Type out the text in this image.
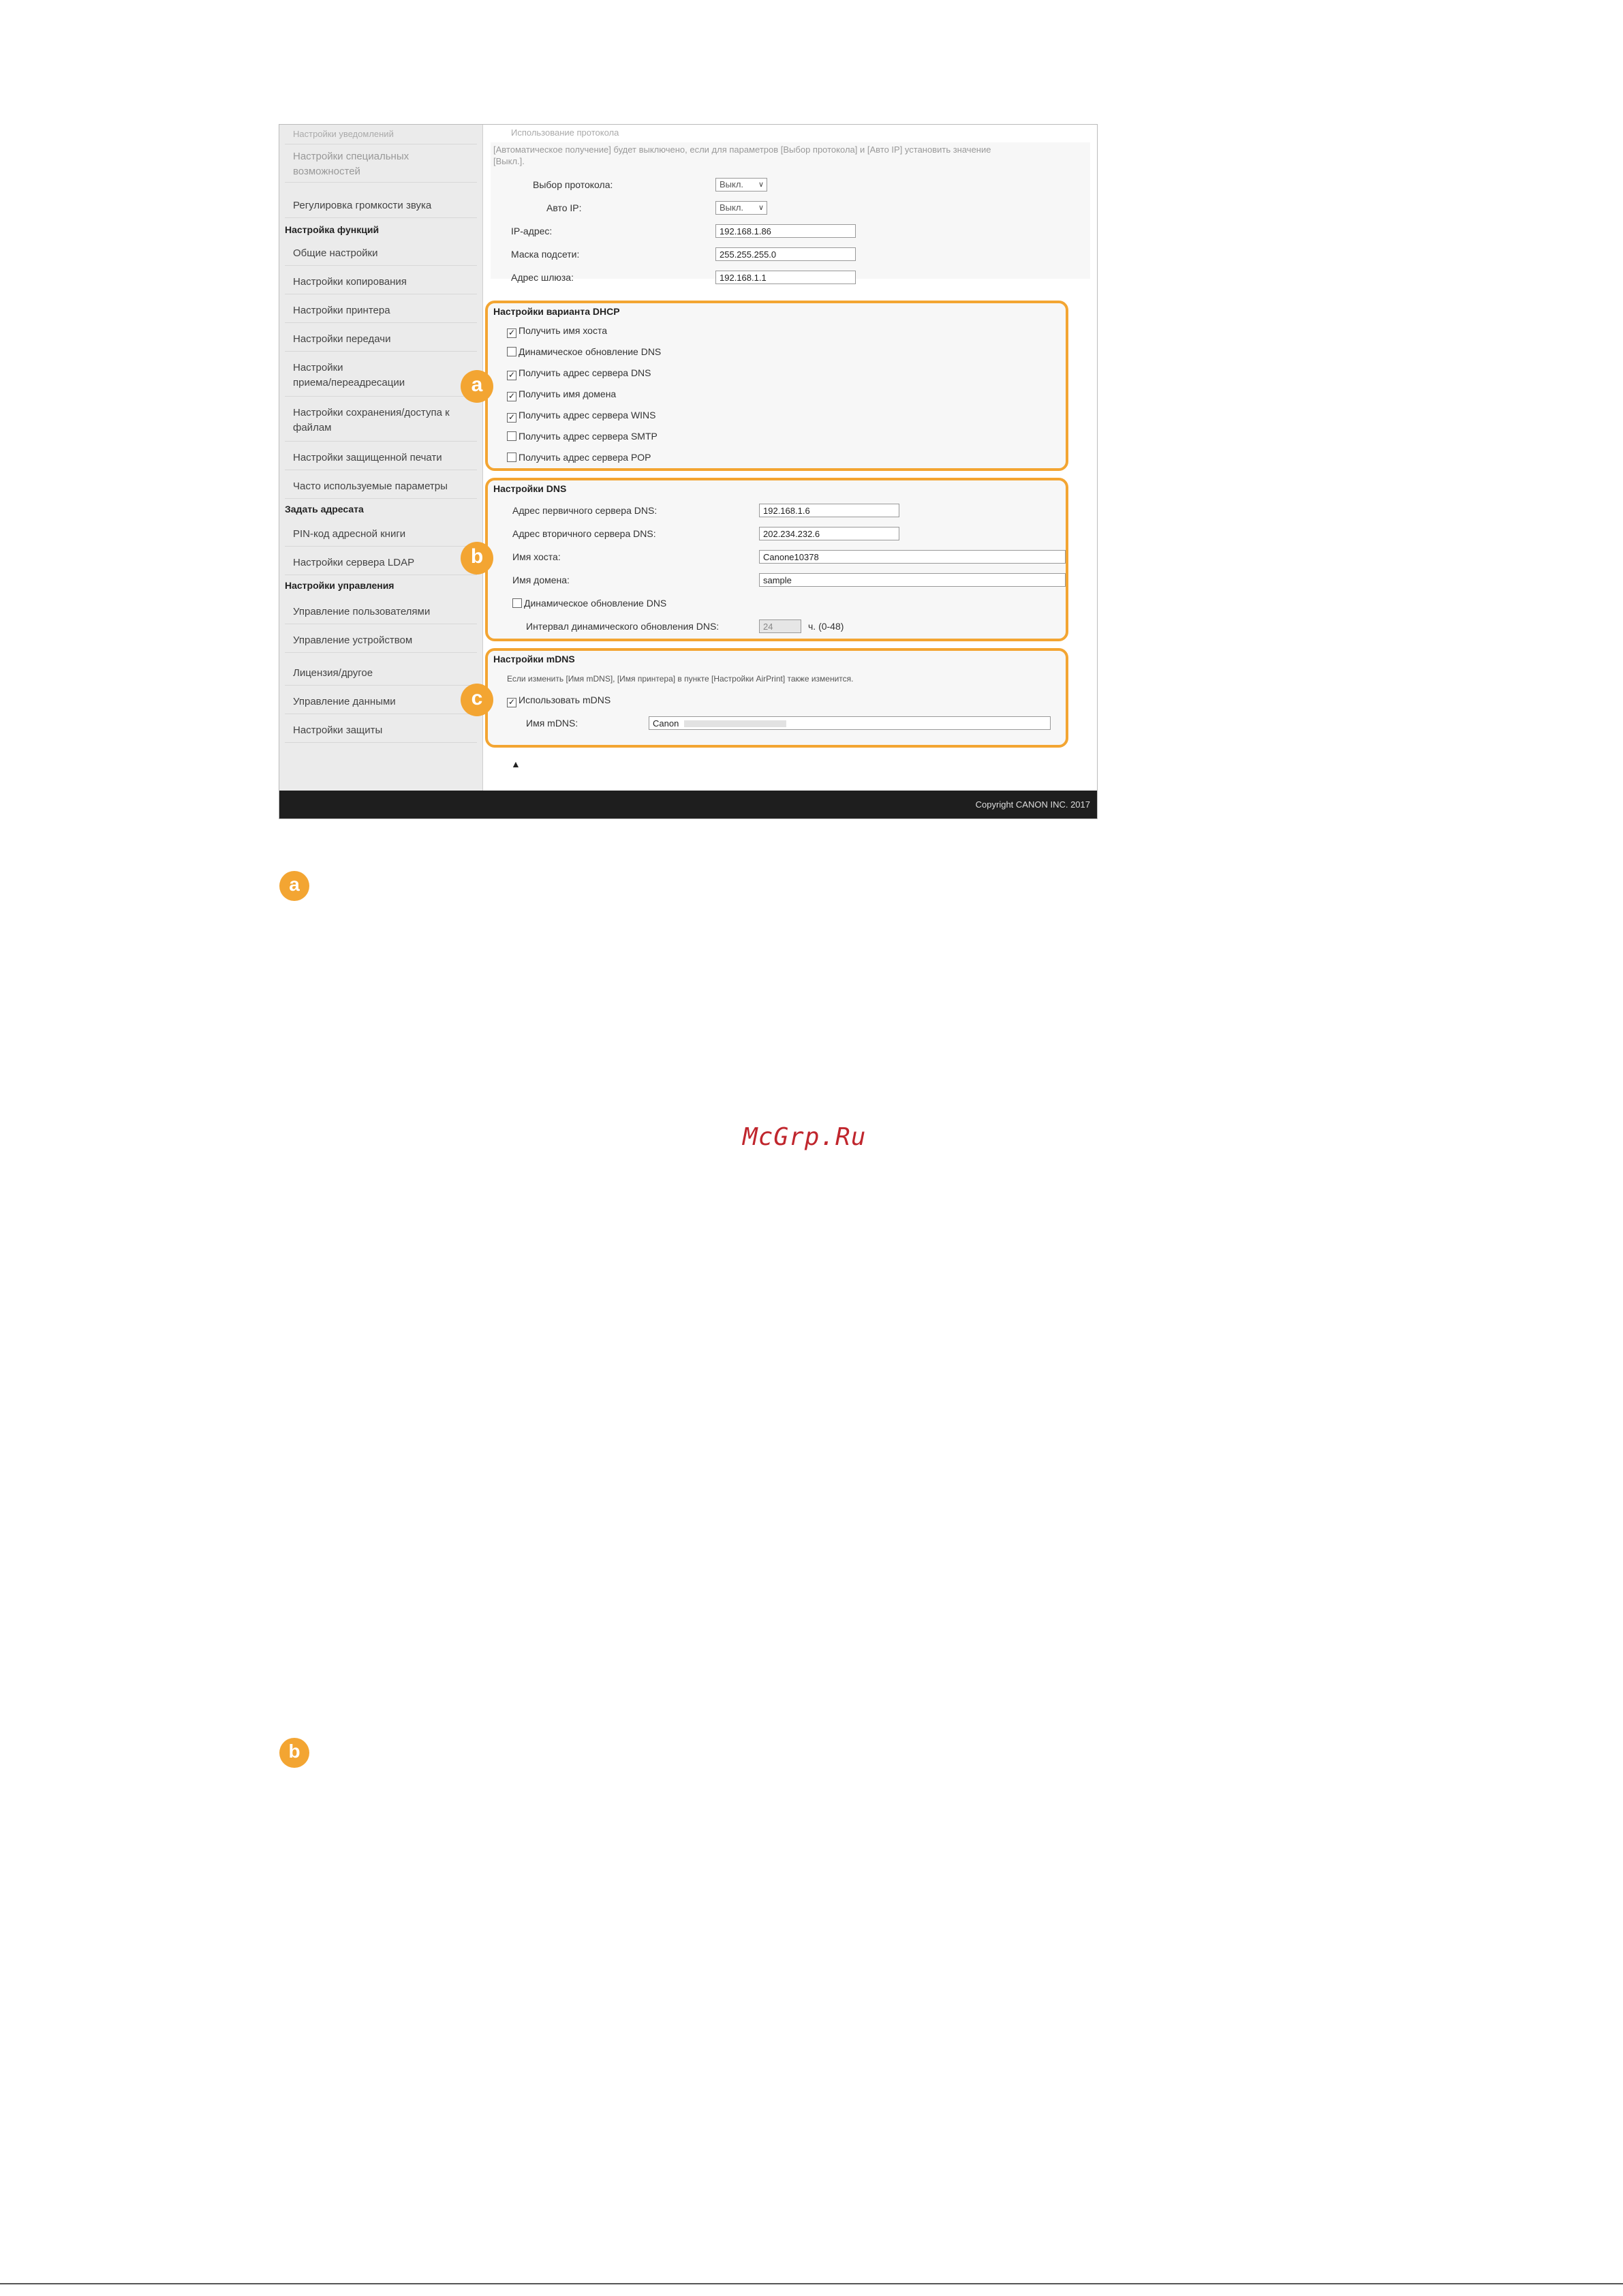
Настройки уведомлений
Настройки специальных
возможностей
Регулировка громкости звука
Настройка функций
Общие настройки
Настройки копирования
Настройки принтера
Настройки передачи
Настройки
приема/переадресации
Настройки сохранения/доступа к
файлам
Настройки защищенной печати
Часто используемые параметры
Задать адресата
PIN-код адресной книги
Настройки сервера LDAP
Настройки управления
Управление пользователями
Управление устройством
Лицензия/другое
Управление данными
Настройки защиты
Использование протокола
[Автоматическое получение] будет выключено, если для параметров [Выбор протокола] и [Авто IP] установить значение [Выкл.].
Выбор протокола:	Выкл. ∨
Авто IP:	Выкл. ∨
IP-адрес:	192.168.1.86
Маска подсети:	255.255.255.0
Адрес шлюза:	192.168.1.1
Настройки варианта DHCP
✓ Получить имя хоста
Динамическое обновление DNS
✓ Получить адрес сервера DNS
✓ Получить имя домена
✓ Получить адрес сервера WINS
Получить адрес сервера SMTP
Получить адрес сервера POP
Настройки DNS
Адрес первичного сервера DNS:	192.168.1.6
Адрес вторичного сервера DNS:	202.234.232.6
Имя хоста:	Canone10378
Имя домена:	sample
Динамическое обновление DNS
Интервал динамического обновления DNS:	24	ч. (0-48)
Настройки mDNS
Если изменить [Имя mDNS], [Имя принтера] в пункте [Настройки AirPrint] также изменится.
✓ Использовать mDNS
Имя mDNS:	Canon
▲
a
b
c
Copyright CANON INC. 2017
a
McGrp.Ru
b
